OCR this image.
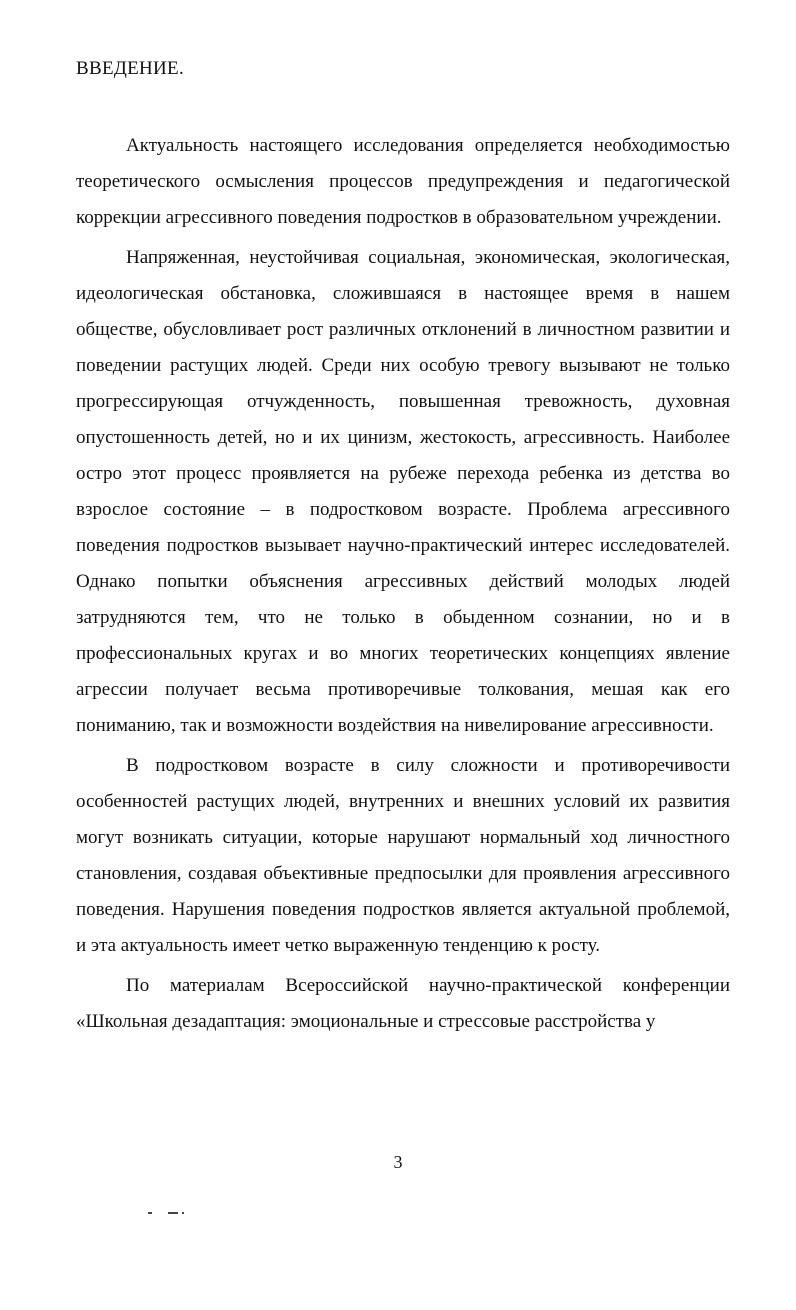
ВВЕДЕНИЕ.

Актуальность настоящего исследования определяется необходимостью теоретического осмысления процессов предупреждения и педагогической коррекции агрессивного поведения подростков в образовательном учреждении.

Напряженная, неустойчивая социальная, экономическая, экологическая, идеологическая обстановка, сложившаяся в настоящее время в нашем обществе, обусловливает рост различных отклонений в личностном развитии и поведении растущих людей. Среди них особую тревогу вызывают не только прогрессирующая отчужденность, повышенная тревожность, духовная опустошенность детей, но и их цинизм, жестокость, агрессивность. Наиболее остро этот процесс проявляется на рубеже перехода ребенка из детства во взрослое состояние – в подростковом возрасте. Проблема агрессивного поведения подростков вызывает научно-практический интерес исследователей. Однако попытки объяснения агрессивных действий молодых людей затрудняются тем, что не только в обыденном сознании, но и в профессиональных кругах и во многих теоретических концепциях явление агрессии получает весьма противоречивые толкования, мешая как его пониманию, так и возможности воздействия на нивелирование агрессивности.

В подростковом возрасте в силу сложности и противоречивости особенностей растущих людей, внутренних и внешних условий их развития могут возникать ситуации, которые нарушают нормальный ход личностного становления, создавая объективные предпосылки для проявления агрессивного поведения. Нарушения поведения подростков является актуальной проблемой, и эта актуальность имеет четко выраженную тенденцию к росту.

По материалам Всероссийской научно-практической конференции «Школьная дезадаптация: эмоциональные и стрессовые расстройства у

3
